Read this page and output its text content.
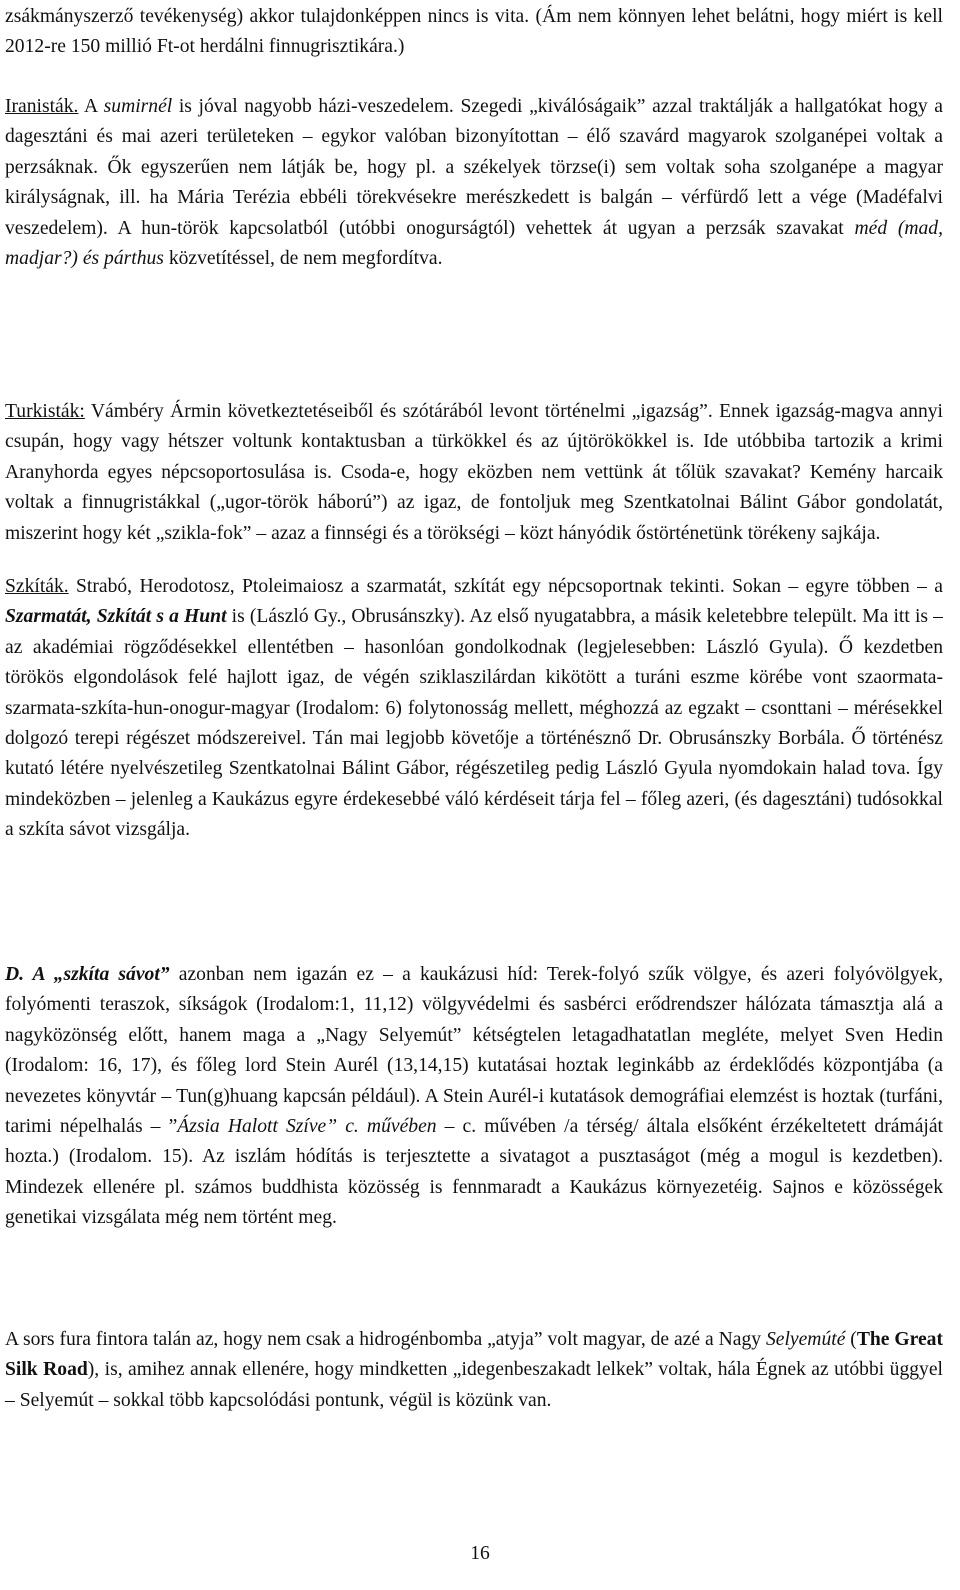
zsákmányszerző tevékenység) akkor tulajdonképpen nincs is vita. (Ám nem könnyen lehet belátni, hogy miért is kell 2012-re 150 millió Ft-ot herdálni finnugrisztikára.)

Iranisták. A sumirnél is jóval nagyobb házi-veszedelem. Szegedi „kiválóságaik” azzal traktálják a hallgatókat hogy a dagesztáni és mai azeri területeken – egykor valóban bizonyítottan – élő szavárd magyarok szolganépei voltak a perzsáknak. Ők egyszerűen nem látják be, hogy pl. a székelyek törzse(i) sem voltak soha szolganépe a magyar királyságnak, ill. ha Mária Terézia ebbéli törekvésekre merészkedett is balgán – vérfürdő lett a vége (Madéfalvi veszedelem). A hun-török kapcsolatból (utóbbi onogurságtól) vehettek át ugyan a perzsák szavakat méd (mad, madjar?) és párthus közvetítéssel, de nem megfordítva.

Turkisták: Vámbéry Ármin következtetéseiből és szótárából levont történelmi „igazság”. Ennek igazság-magva annyi csupán, hogy vagy hétszer voltunk kontaktusban a türkökkel és az újtörökökkel is. Ide utóbbiba tartozik a krimi Aranyhorda egyes népcsoportosulása is. Csoda-e, hogy eközben nem vettünk át tőlük szavakat? Kemény harcaik voltak a finnugristákkal („ugor-török háború”) az igaz, de fontoljuk meg Szentkatolnai Bálint Gábor gondolatát, miszerint hogy két „szikla-fok” – azaz a finnségi és a törökségi – közt hányódik őstörténetünk törékeny sajkája.

Szkíták. Strabó, Herodotosz, Ptoleimaiosz a szarmatát, szkítát egy népcsoportnak tekinti. Sokan – egyre többen – a Szarmatát, Szkítát s a Hunt is (László Gy., Obrusánszky). Az első nyugatabbra, a másik keletebbre települt. Ma itt is – az akadémiai rögződésekkel ellentétben – hasonlóan gondolkodnak (legjelesebben: László Gyula). Ő kezdetben törökös elgondolások felé hajlott igaz, de végén sziklaszilárdan kikötött a turáni eszme körébe vont szaormata-szarmata-szkíta-hun-onogur-magyar (Irodalom: 6) folytonosság mellett, méghozzá az egzakt – csonttani – mérésekkel dolgozó terepi régészet módszereivel. Tán mai legjobb követője a történésznő Dr. Obrusánszky Borbála. Ő történész kutató létére nyelvészetileg Szentkatolnai Bálint Gábor, régészetileg pedig László Gyula nyomdokain halad tova. Így mindeközben – jelenleg a Kaukázus egyre érdekesebbé váló kérdéseit tárja fel – főleg azeri, (és dagesztáni) tudósokkal a szkíta sávot vizsgálja.

D. A „szkíta sávot” azonban nem igazán ez – a kaukázusi híd: Terek-folyó szűk völgye, és azeri folyóvölgyek, folyómenti teraszok, síkságok (Irodalom:1, 11,12) völgyvédelmi és sasbérci erődrendszer hálózata támasztja alá a nagyközönség előtt, hanem maga a „Nagy Selyemút” kétségtelen letagadhatatlan megléte, melyet Sven Hedin (Irodalom: 16, 17), és főleg lord Stein Aurél (13,14,15) kutatásai hoztak leginkább az érdeklődés központjába (a nevezetes könyvtár – Tun(g)huang kapcsán például). A Stein Aurél-i kutatások demográfiai elemzést is hoztak (turfáni, tarimi népelhalás – ”Ázsia Halott Szíve” c. művében – c. művében /a térség/ általa elsőként érzékeltetett drámáját hozta.) (Irodalom. 15). Az iszlám hódítás is terjesztette a sivatagot a pusztaságot (még a mogul is kezdetben). Mindezek ellenére pl. számos buddhista közösség is fennmaradt a Kaukázus környezetéig. Sajnos e közösségek genetikai vizsgálata még nem történt meg.

A sors fura fintora talán az, hogy nem csak a hidrogénbomba „atyja” volt magyar, de azé a Nagy Selyemúté (The Great Silk Road), is, amihez annak ellenére, hogy mindketten „idegenbeszakadt lelkek” voltak, hála Égnek az utóbbi üggyel – Selyemút – sokkal több kapcsolódási pontunk, végül is közünk van.

16
